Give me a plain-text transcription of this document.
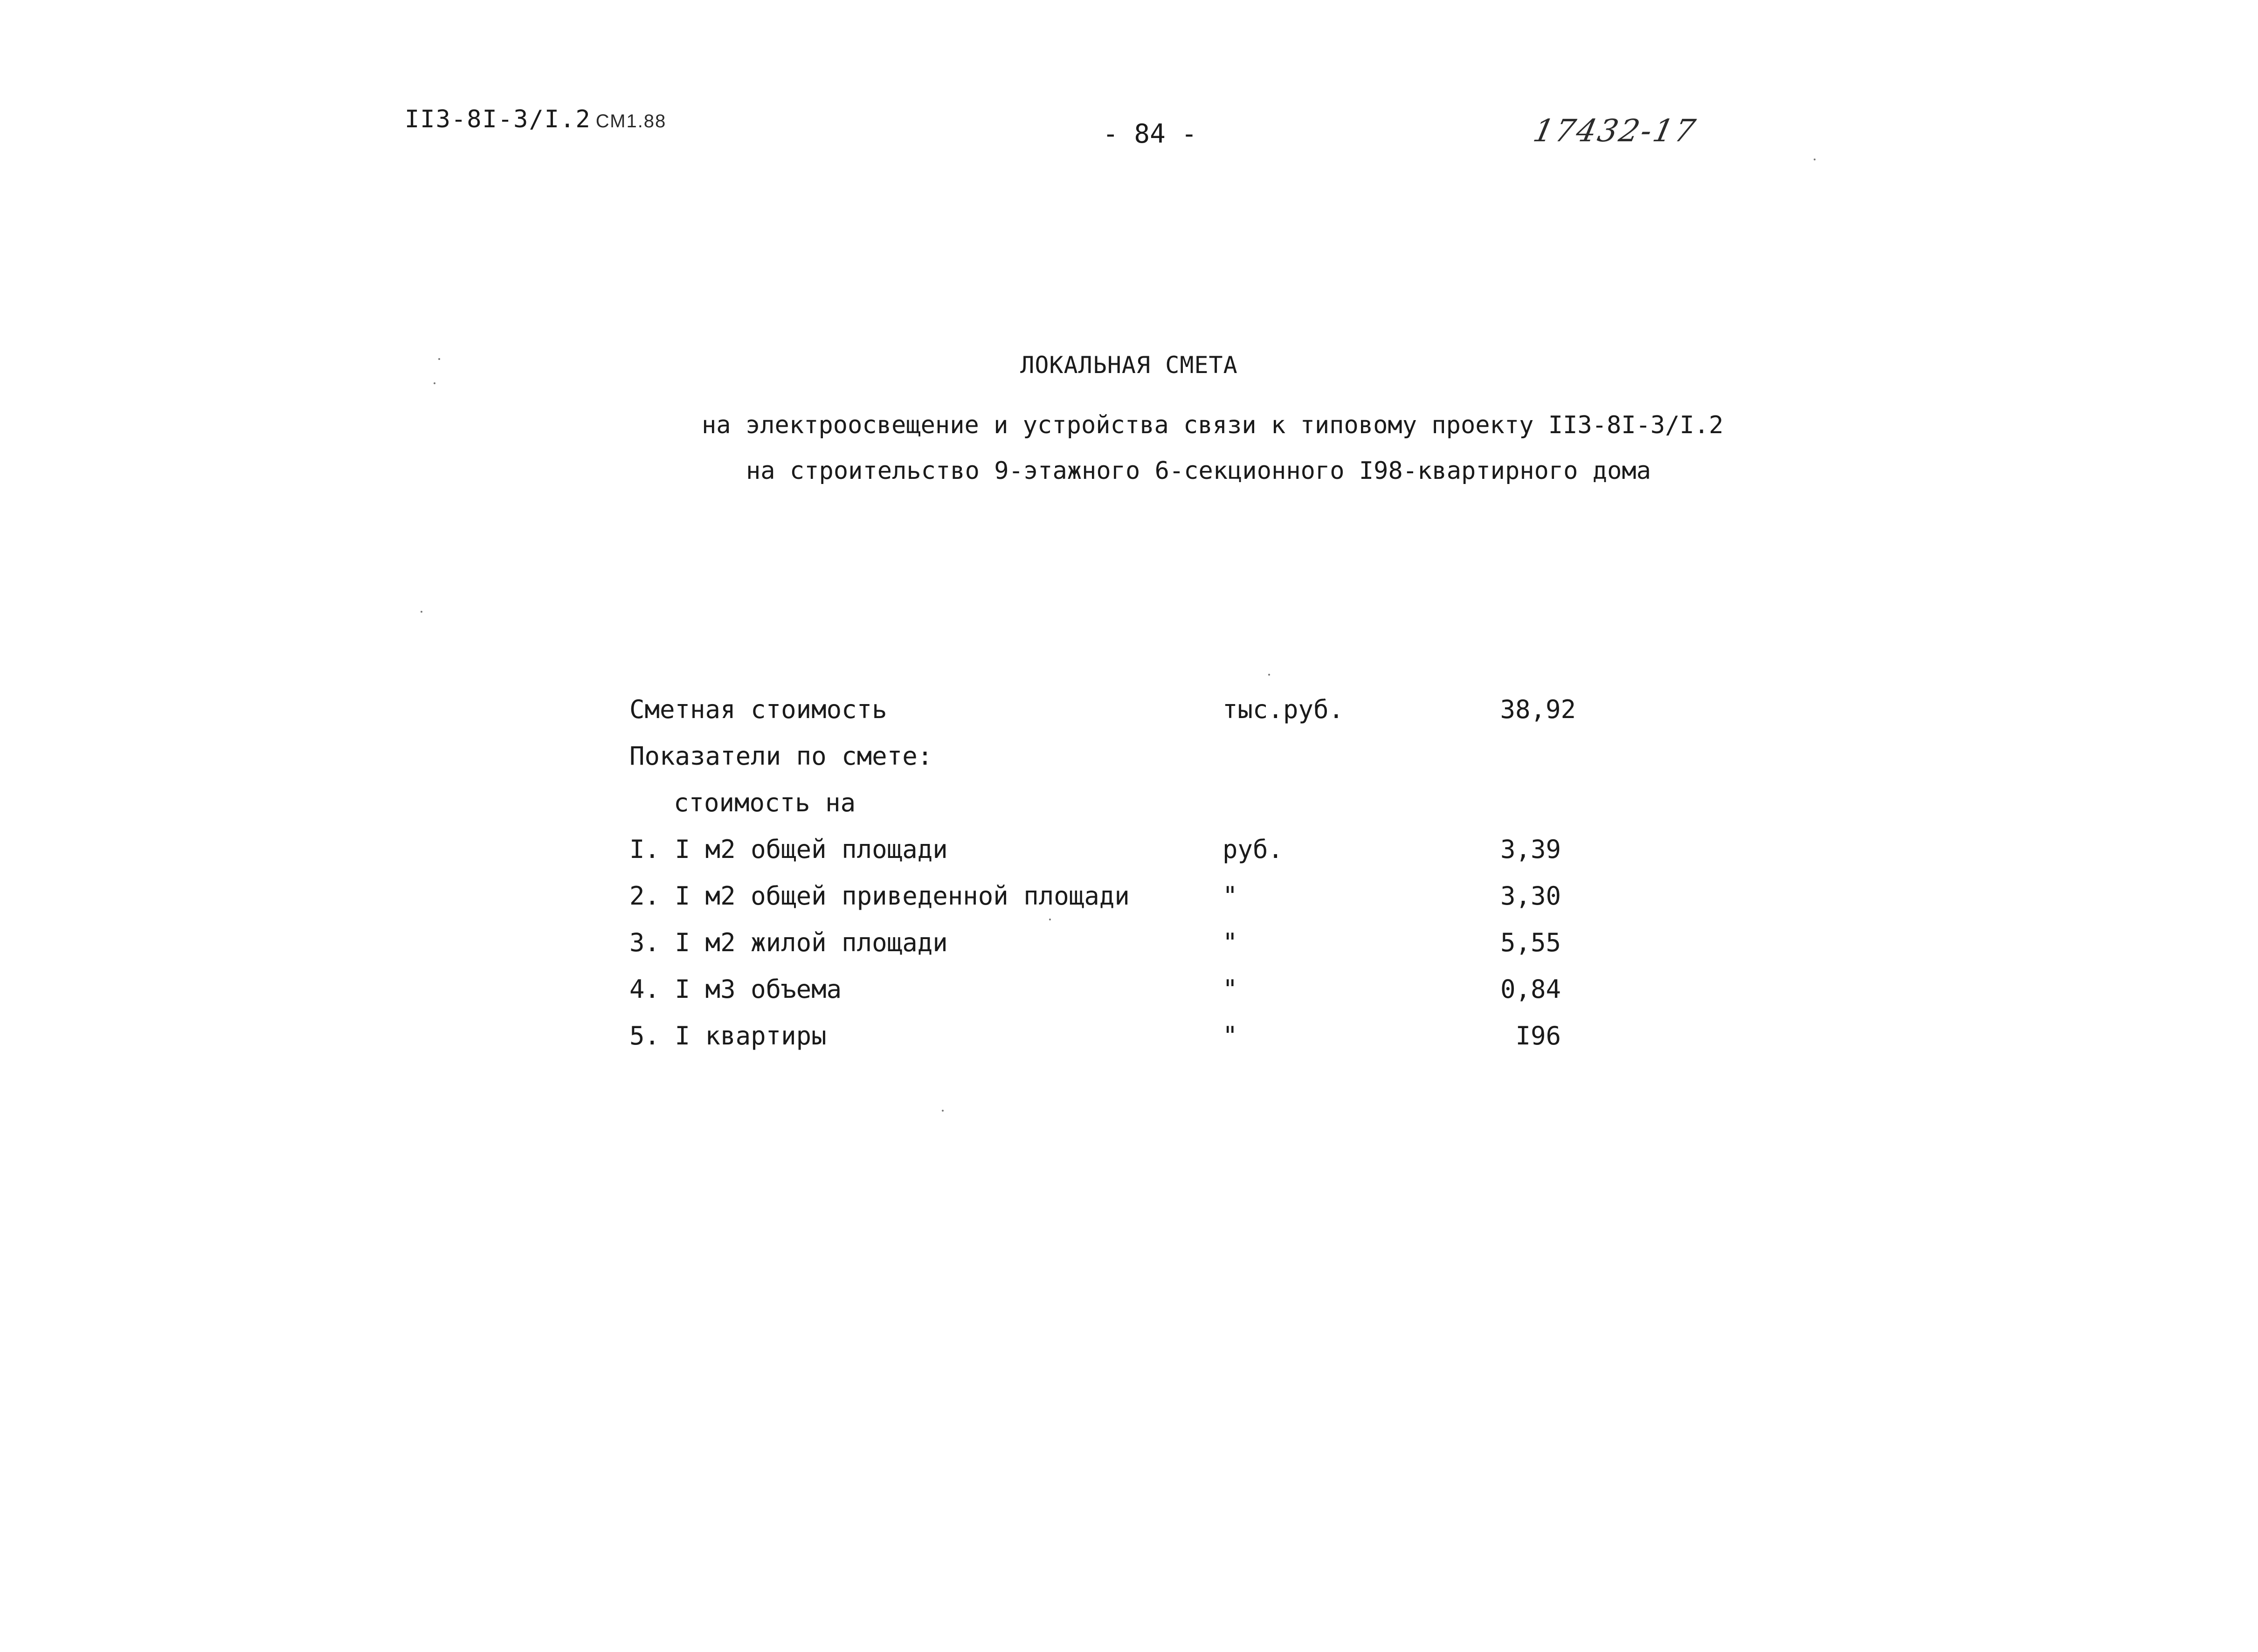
II3-8I-3/I.2 СМ1.88	- 84 -	17432-17
ЛОКАЛЬНАЯ СМЕТА
на электроосвещение и устройства связи к типовому проекту II3-8I-3/I.2
на строительство 9-этажного 6-секционного I98-квартирного дома
Сметная стоимость	тыс.руб.	38,92
Показатели по смете:
стоимость на
I. I м2 общей площади	руб.	3,39
2. I м2 общей приведенной площади	"	3,30
3. I м2 жилой площади	"	5,55
4. I м3 объема	"	0,84
5. I квартиры	"	I96
